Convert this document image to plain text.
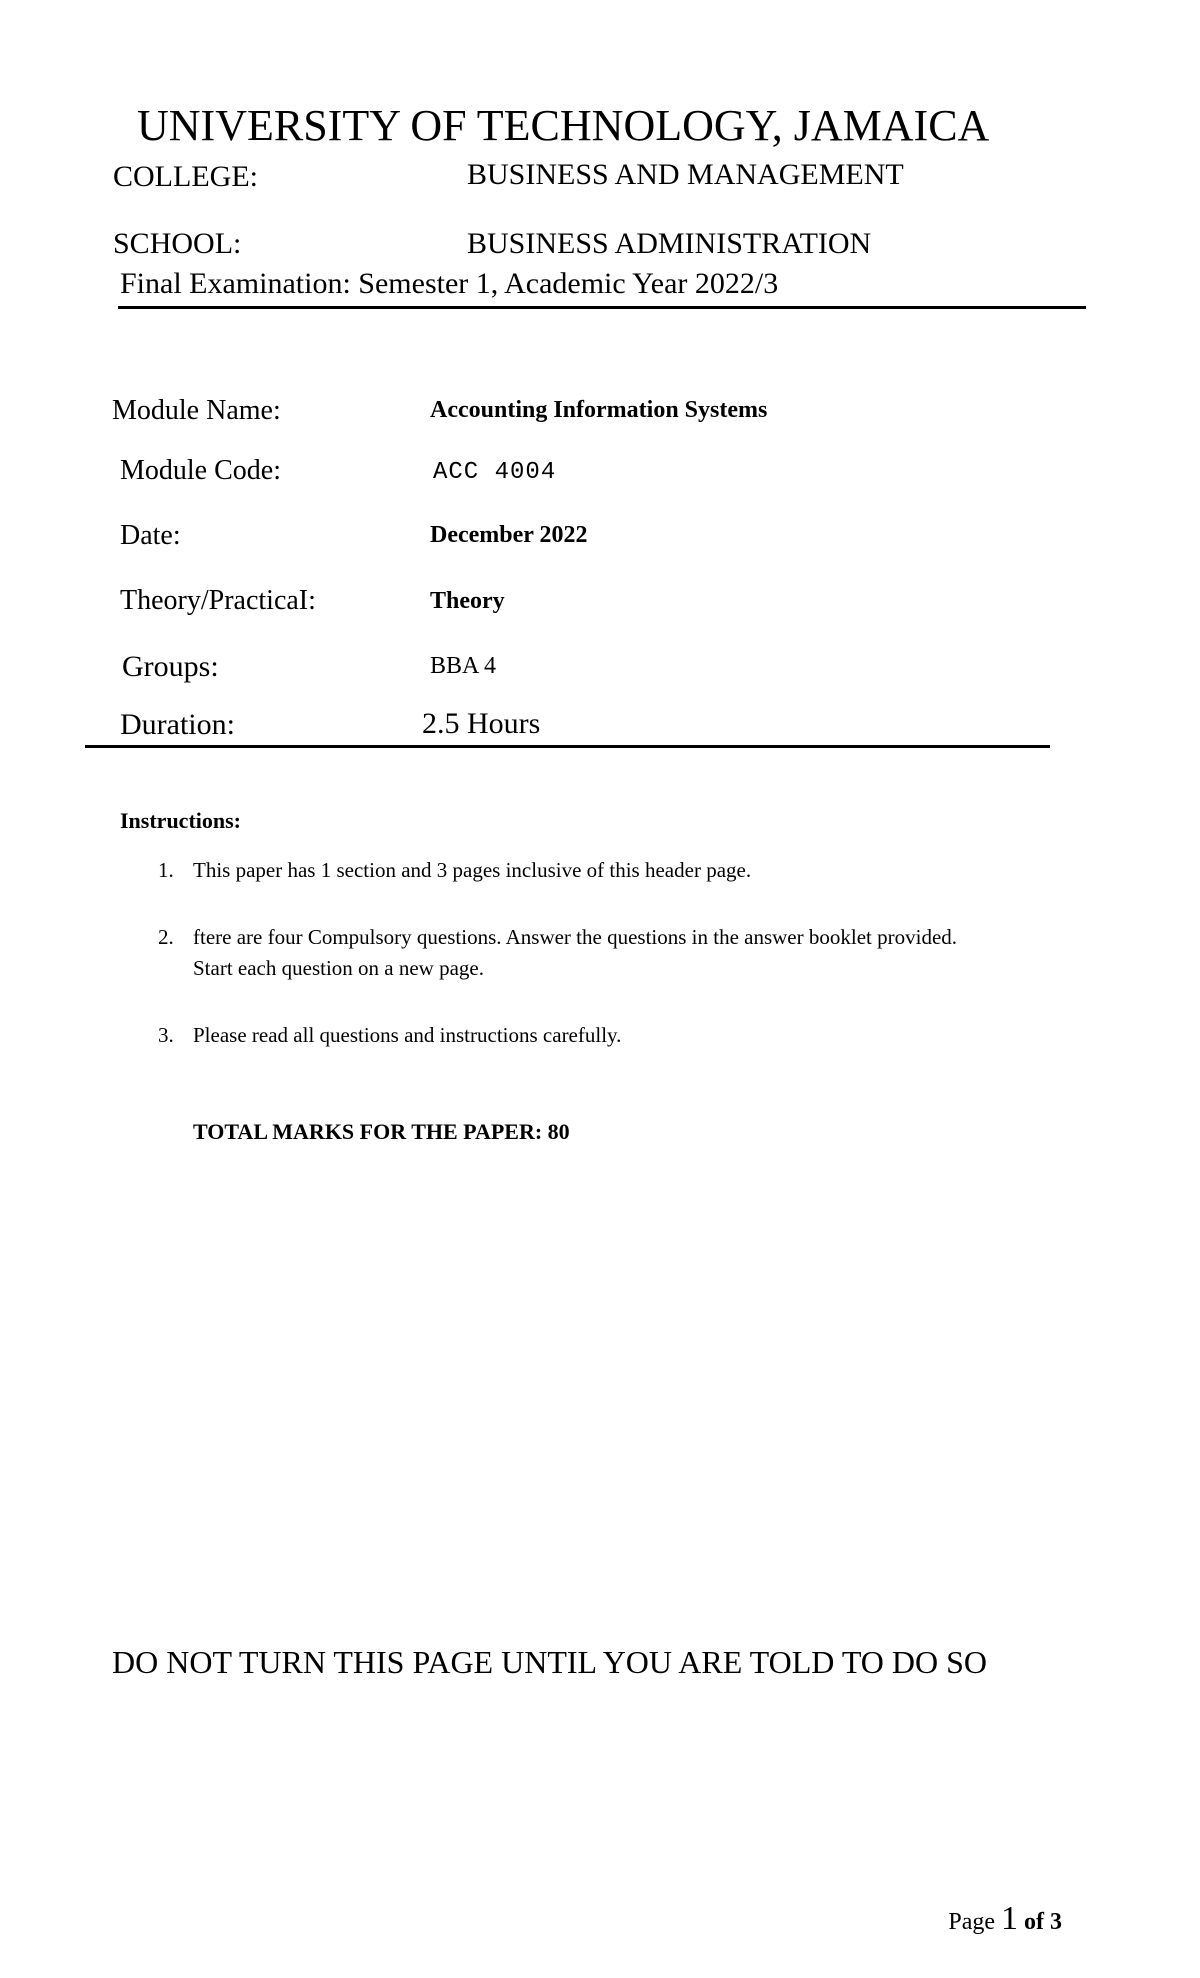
UNIVERSITY OF TECHNOLOGY, JAMAICA
COLLEGE:	BUSINESS AND MANAGEMENT
SCHOOL:	BUSINESS ADMINISTRATION
Final Examination: Semester 1, Academic Year 2022/3
Module Name:	Accounting Information Systems
Module Code:	ACC 4004
Date:	December 2022
Theory/PracticaI:	Theory
Groups:	BBA 4
Duration:	2.5 Hours
Instructions:
1. This paper has 1 section and 3 pages inclusive of this header page.
2. ftere are four Compulsory questions. Answer the questions in the answer booklet provided.
Start each question on a new page.
3. Please read all questions and instructions carefully.
TOTAL MARKS FOR THE PAPER: 80
DO NOT TURN THIS PAGE UNTIL YOU ARE TOLD TO DO SO
Page 1 of 3
